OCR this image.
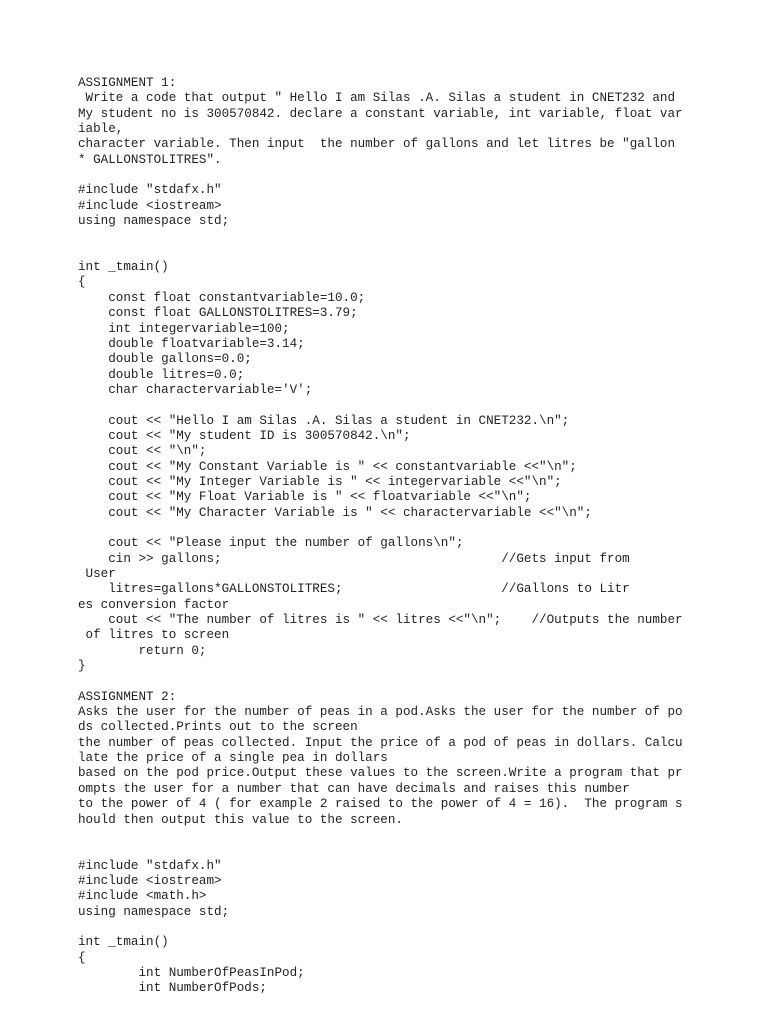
ASSIGNMENT 1:
Write a code that output " Hello I am Silas .A. Silas a student in CNET232 and
My student no is 300570842. declare a constant variable, int variable, float var
iable,
character variable. Then input  the number of gallons and let litres be "gallon
* GALLONSTOLITRES".
#include "stdafx.h"
#include <iostream>
using namespace std;
int _tmain()
{
const float constantvariable=10.0;
const float GALLONSTOLITRES=3.79;
int integervariable=100;
double floatvariable=3.14;
double gallons=0.0;
double litres=0.0;
char charactervariable='V';
cout << "Hello I am Silas .A. Silas a student in CNET232.\n";
cout << "My student ID is 300570842.\n";
cout << "\n";
cout << "My Constant Variable is " << constantvariable <<"\n";
cout << "My Integer Variable is " << integervariable <<"\n";
cout << "My Float Variable is " << floatvariable <<"\n";
cout << "My Character Variable is " << charactervariable <<"\n";
cout << "Please input the number of gallons\n";
cin >> gallons;                                     //Gets input from
User
litres=gallons*GALLONSTOLITRES;                     //Gallons to Litr
es conversion factor
cout << "The number of litres is " << litres <<"\n";    //Outputs the number
of litres to screen
return 0;
}
ASSIGNMENT 2:
Asks the user for the number of peas in a pod.Asks the user for the number of po
ds collected.Prints out to the screen
the number of peas collected. Input the price of a pod of peas in dollars. Calcu
late the price of a single pea in dollars
based on the pod price.Output these values to the screen.Write a program that pr
ompts the user for a number that can have decimals and raises this number
to the power of 4 ( for example 2 raised to the power of 4 = 16).  The program s
hould then output this value to the screen.
#include "stdafx.h"
#include <iostream>
#include <math.h>
using namespace std;
int _tmain()
{
int NumberOfPeasInPod;
int NumberOfPods;
